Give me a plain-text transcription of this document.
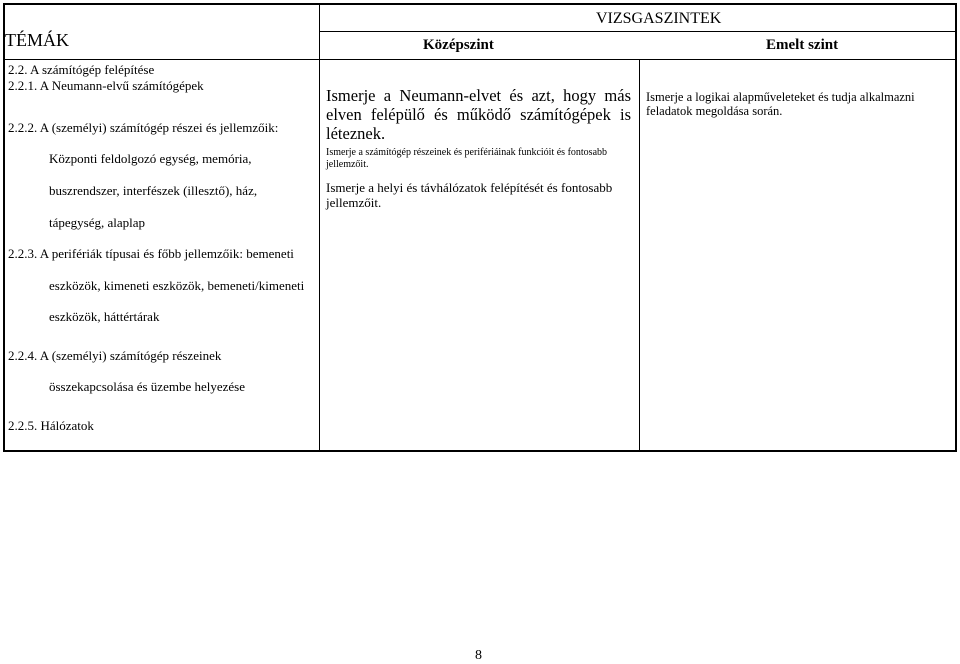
TÉMÁK
VIZSGASZINTEK
Középszint	Emelt szint
2.2. A számítógép felépítése
2.2.1. A Neumann-elvű számítógépek
2.2.2. A (személyi) számítógép részei és jellemzőik:
Központi feldolgozó egység, memória,
buszrendszer, interfészek (illesztő), ház,
tápegység, alaplap
2.2.3. A perifériák típusai és főbb jellemzőik: bemeneti
eszközök, kimeneti eszközök, bemeneti/kimeneti
eszközök, háttértárak
2.2.4. A (személyi) számítógép részeinek
összekapcsolása és üzembe helyezése
2.2.5. Hálózatok
Ismerje a Neumann-elvet és azt, hogy más elven felépülő és működő számítógépek is léteznek.
Ismerje a számítógép részeinek és perifériáinak funkcióit és fontosabb jellemzőit.
Ismerje a helyi és távhálózatok felépítését és fontosabb jellemzőit.
Ismerje a logikai alapműveleteket és tudja alkalmazni feladatok megoldása során.
8
